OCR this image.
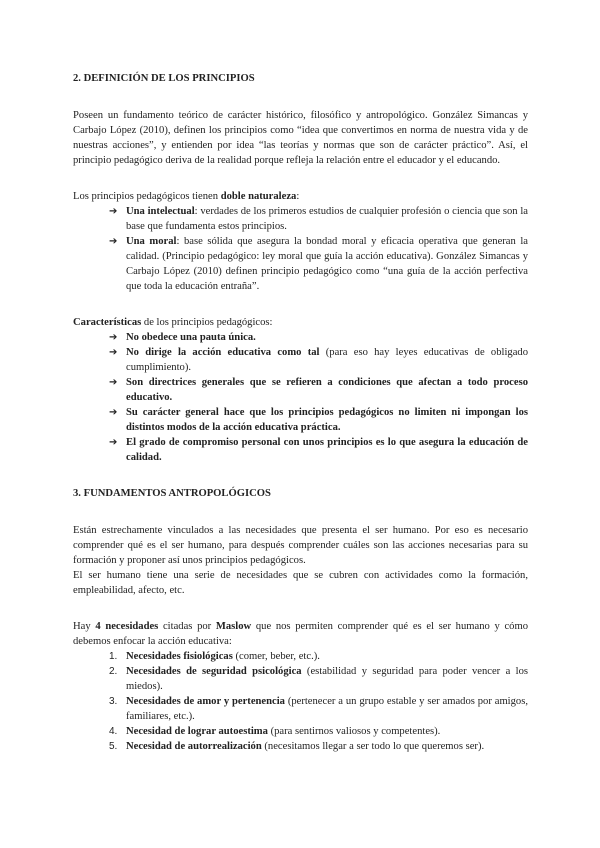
2. DEFINICIÓN DE LOS PRINCIPIOS

Poseen un fundamento teórico de carácter histórico, filosófico y antropológico. González Simancas y Carbajo López (2010), definen los principios como “idea que convertimos en norma de nuestra vida y de nuestras acciones”, y entienden por idea “las teorías y normas que son de carácter práctico”. Así, el principio pedagógico deriva de la realidad porque refleja la relación entre el educador y el educando.

Los principios pedagógicos tienen doble naturaleza:

➔ Una intelectual: verdades de los primeros estudios de cualquier profesión o ciencia que son la base que fundamenta estos principios.
➔ Una moral: base sólida que asegura la bondad moral y eficacia operativa que generan la calidad. (Principio pedagógico: ley moral que guía la acción educativa). González Simancas y Carbajo López (2010) definen principio pedagógico como “una guía de la acción perfectiva que toda la educación entraña”.

Características de los principios pedagógicos:

➔ No obedece una pauta única.
➔ No dirige la acción educativa como tal (para eso hay leyes educativas de obligado cumplimiento).
➔ Son directrices generales que se refieren a condiciones que afectan a todo proceso educativo.
➔ Su carácter general hace que los principios pedagógicos no limiten ni impongan los distintos modos de la acción educativa práctica.
➔ El grado de compromiso personal con unos principios es lo que asegura la educación de calidad.
3. FUNDAMENTOS ANTROPOLÓGICOS

Están estrechamente vinculados a las necesidades que presenta el ser humano. Por eso es necesario comprender qué es el ser humano, para después comprender cuáles son las acciones necesarias para su formación y proponer así unos principios pedagógicos.

El ser humano tiene una serie de necesidades que se cubren con actividades como la formación, empleabilidad, afecto, etc.

Hay 4 necesidades citadas por Maslow que nos permiten comprender qué es el ser humano y cómo debemos enfocar la acción educativa:

1. Necesidades fisiológicas (comer, beber, etc.).
2. Necesidades de seguridad psicológica (estabilidad y seguridad para poder vencer a los miedos).
3. Necesidades de amor y pertenencia (pertenecer a un grupo estable y ser amados por amigos, familiares, etc.).
4. Necesidad de lograr autoestima (para sentirnos valiosos y competentes).
5. Necesidad de autorrealización (necesitamos llegar a ser todo lo que queremos ser).
